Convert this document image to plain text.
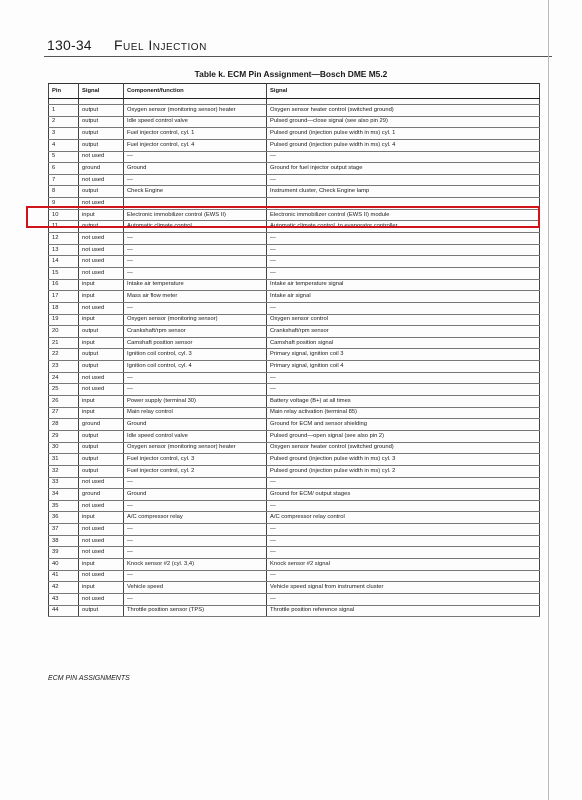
130-34 Fuel Injection
Table k. ECM Pin Assignment—Bosch DME M5.2
Pin	Signal	Component/function	Signal

1	output	Oxygen sensor (monitoring sensor) heater	Oxygen sensor heater control (switched ground)
2	output	Idle speed control valve	Pulsed ground—close signal (see also pin 29)
3	output	Fuel injector control, cyl. 1	Pulsed ground (injection pulse width in ms) cyl. 1
4	output	Fuel injector control, cyl. 4	Pulsed ground (injection pulse width in ms) cyl. 4
5	not used	—	—
6	ground	Ground	Ground for fuel injector output stage
7	not used	—	—
8	output	Check Engine	Instrument cluster, Check Engine lamp
9	not used		
10	input	Electronic immobilizer control (EWS II)	Electronic immobilizer control (EWS II) module
11	output	Automatic climate control	Automatic climate control, to evaporator controller
12	not used	—	—
13	not used	—	—
14	not used	—	—
15	not used	—	—
16	input	Intake air temperature	Intake air temperature signal
17	input	Mass air flow meter	Intake air signal
18	not used	—	—
19	input	Oxygen sensor (monitoring sensor)	Oxygen sensor control
20	output	Crankshaft/rpm sensor	Crankshaft/rpm sensor
21	input	Camshaft position sensor	Camshaft position signal
22	output	Ignition coil control, cyl. 3	Primary signal, ignition coil 3
23	output	Ignition coil control, cyl. 4	Primary signal, ignition coil 4
24	not used	—	—
25	not used	—	—
26	input	Power supply (terminal 30)	Battery voltage (B+) at all times
27	input	Main relay control	Main relay activation (terminal 85)
28	ground	Ground	Ground for ECM and sensor shielding
29	output	Idle speed control valve	Pulsed ground—open signal (see also pin 2)
30	output	Oxygen sensor (monitoring sensor) heater	Oxygen sensor heater control (switched ground)
31	output	Fuel injector control, cyl. 3	Pulsed ground (injection pulse width in ms) cyl. 3
32	output	Fuel injector control, cyl. 2	Pulsed ground (injection pulse width in ms) cyl. 2
33	not used	—	—
34	ground	Ground	Ground for ECM/ output stages
35	not used	—	—
36	input	A/C compressor relay	A/C compressor relay control
37	not used	—	—
38	not used	—	—
39	not used	—	—
40	input	Knock sensor #2 (cyl. 3,4)	Knock sensor #2 signal
41	not used	—	—
42	input	Vehicle speed	Vehicle speed signal from instrument cluster
43	not used	—	—
44	output	Throttle position sensor (TPS)	Throttle position reference signal
ECM PIN ASSIGNMENTS
